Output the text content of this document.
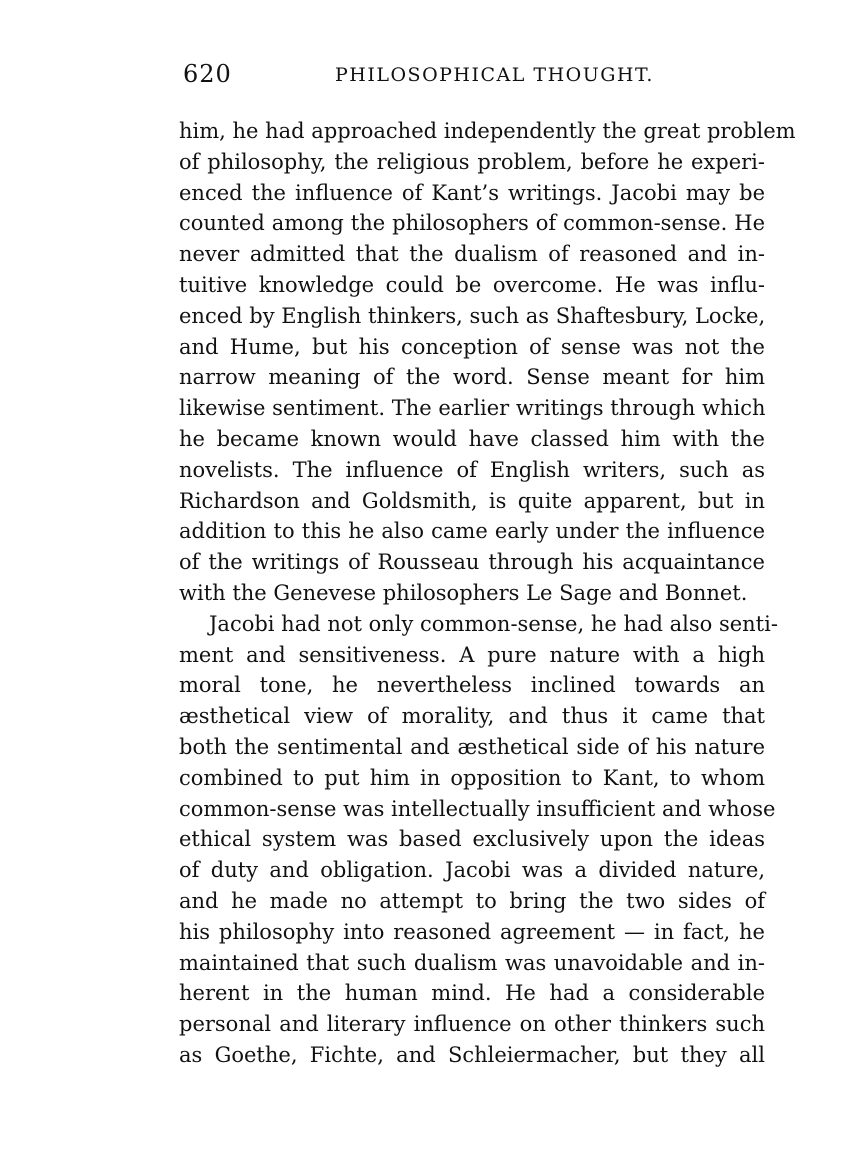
620	PHILOSOPHICAL THOUGHT.
him, he had approached independently the great problem
of philosophy, the religious problem, before he experi-
enced the influence of Kant’s writings. Jacobi may be
counted among the philosophers of common-sense. He
never admitted that the dualism of reasoned and in-
tuitive knowledge could be overcome. He was influ-
enced by English thinkers, such as Shaftesbury, Locke,
and Hume, but his conception of sense was not the
narrow meaning of the word. Sense meant for him
likewise sentiment. The earlier writings through which
he became known would have classed him with the
novelists. The influence of English writers, such as
Richardson and Goldsmith, is quite apparent, but in
addition to this he also came early under the influence
of the writings of Rousseau through his acquaintance
with the Genevese philosophers Le Sage and Bonnet.
Jacobi had not only common-sense, he had also senti-
ment and sensitiveness. A pure nature with a high
moral tone, he nevertheless inclined towards an
æsthetical view of morality, and thus it came that
both the sentimental and æsthetical side of his nature
combined to put him in opposition to Kant, to whom
common-sense was intellectually insufficient and whose
ethical system was based exclusively upon the ideas
of duty and obligation. Jacobi was a divided nature,
and he made no attempt to bring the two sides of
his philosophy into reasoned agreement — in fact, he
maintained that such dualism was unavoidable and in-
herent in the human mind. He had a considerable
personal and literary influence on other thinkers such
as Goethe, Fichte, and Schleiermacher, but they all
